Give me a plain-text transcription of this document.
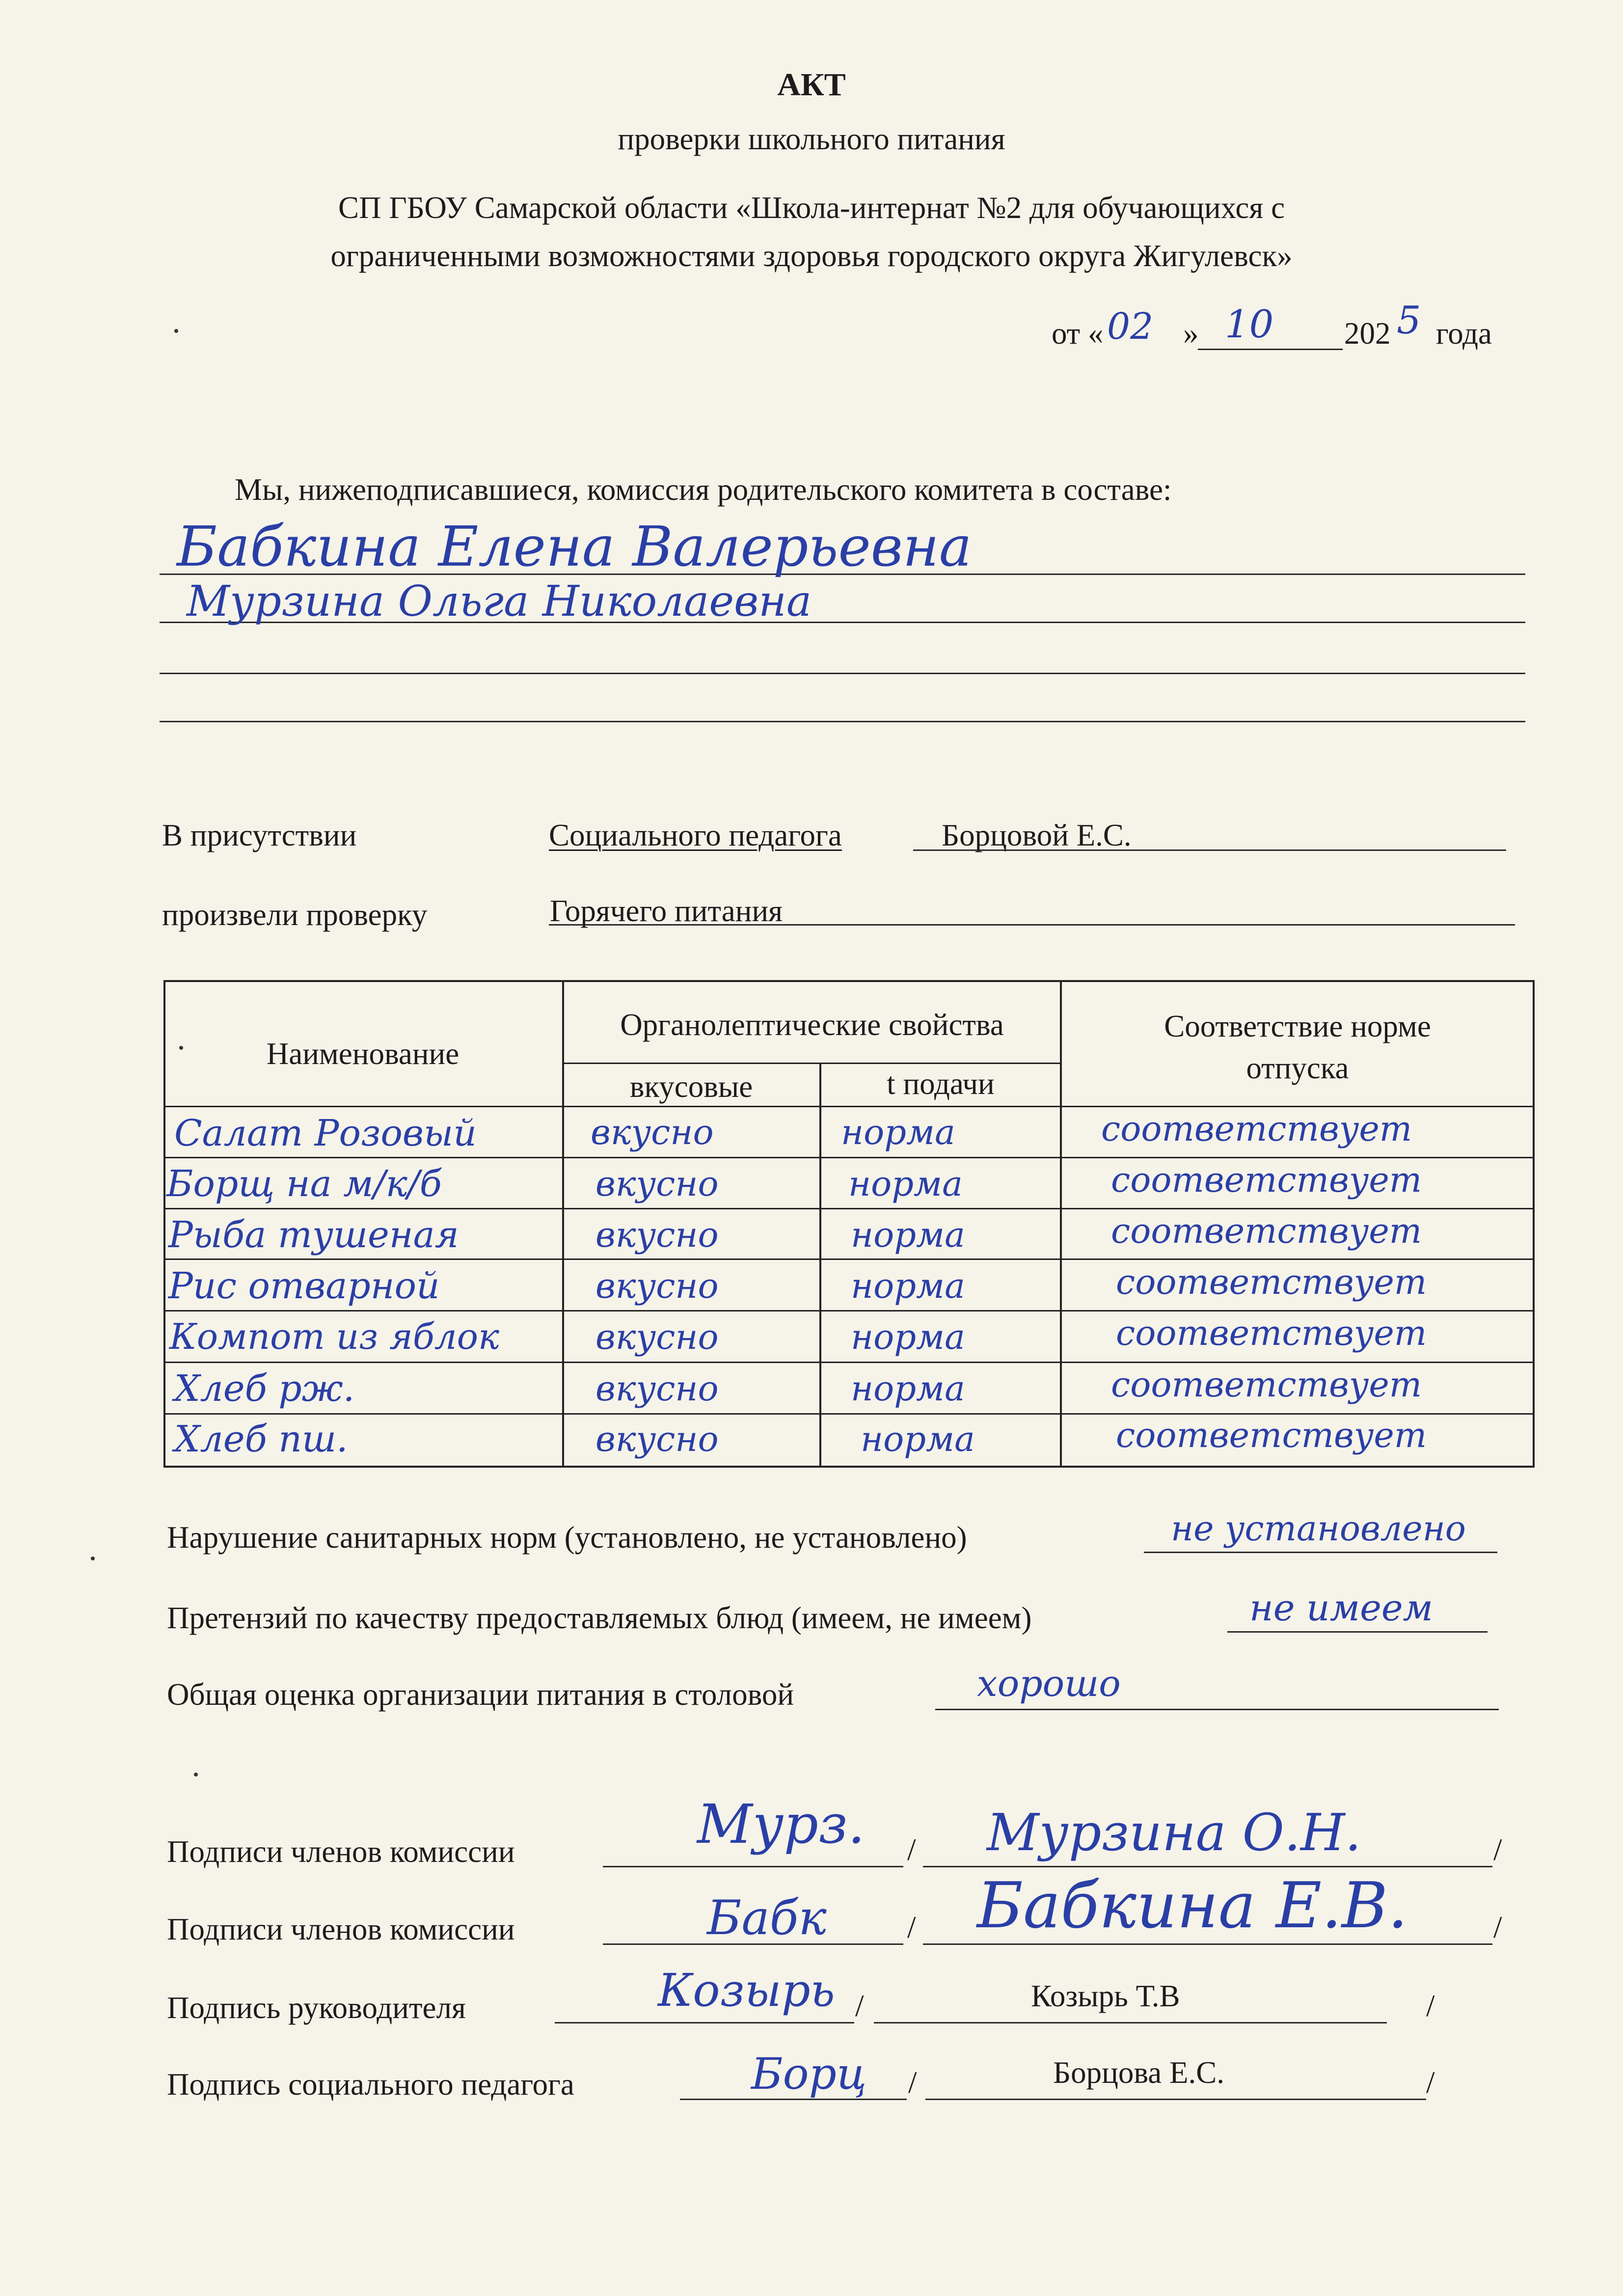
АКТ
проверки школьного питания
СП ГБОУ Самарской области «Школа-интернат №2 для обучающихся с
ограниченными возможностями здоровья городского округа Жигулевск»
от « 02 » 10 202 5 года
Мы, нижеподписавшиеся, комиссия родительского комитета в составе:
Бабкина Елена Валерьевна
Мурзина Ольга Николаевна
В присутствии	Социального педагога	Борцовой Е.С.
произвели проверку	Горячего питания
Наименование
Органолептические свойства
вкусовые	t подачи
Соответствие норме отпуска
Салат Розовый	вкусно	норма	соответствует
Борщ на м/к/б	вкусно	норма	соответствует
Рыба тушеная	вкусно	норма	соответствует
Рис отварной	вкусно	норма	соответствует
Компот из яблок	вкусно	норма	соответствует
Хлеб рж.	вкусно	норма	соответствует
Хлеб пш.	вкусно	норма	соответствует
Нарушение санитарных норм (установлено, не установлено)	не установлено
Претензий по качеству предоставляемых блюд (имеем, не имеем)	не имеем
Общая оценка организации питания в столовой	хорошо
Подписи членов комиссии	Мурз. / Мурзина О.Н.	/
Подписи членов комиссии	Бабк	/ Бабкина Е.В.	/
Подпись руководителя	Козырь /	Козырь Т.В	/
Подпись социального педагога	Борц /	Борцова Е.С.	/
